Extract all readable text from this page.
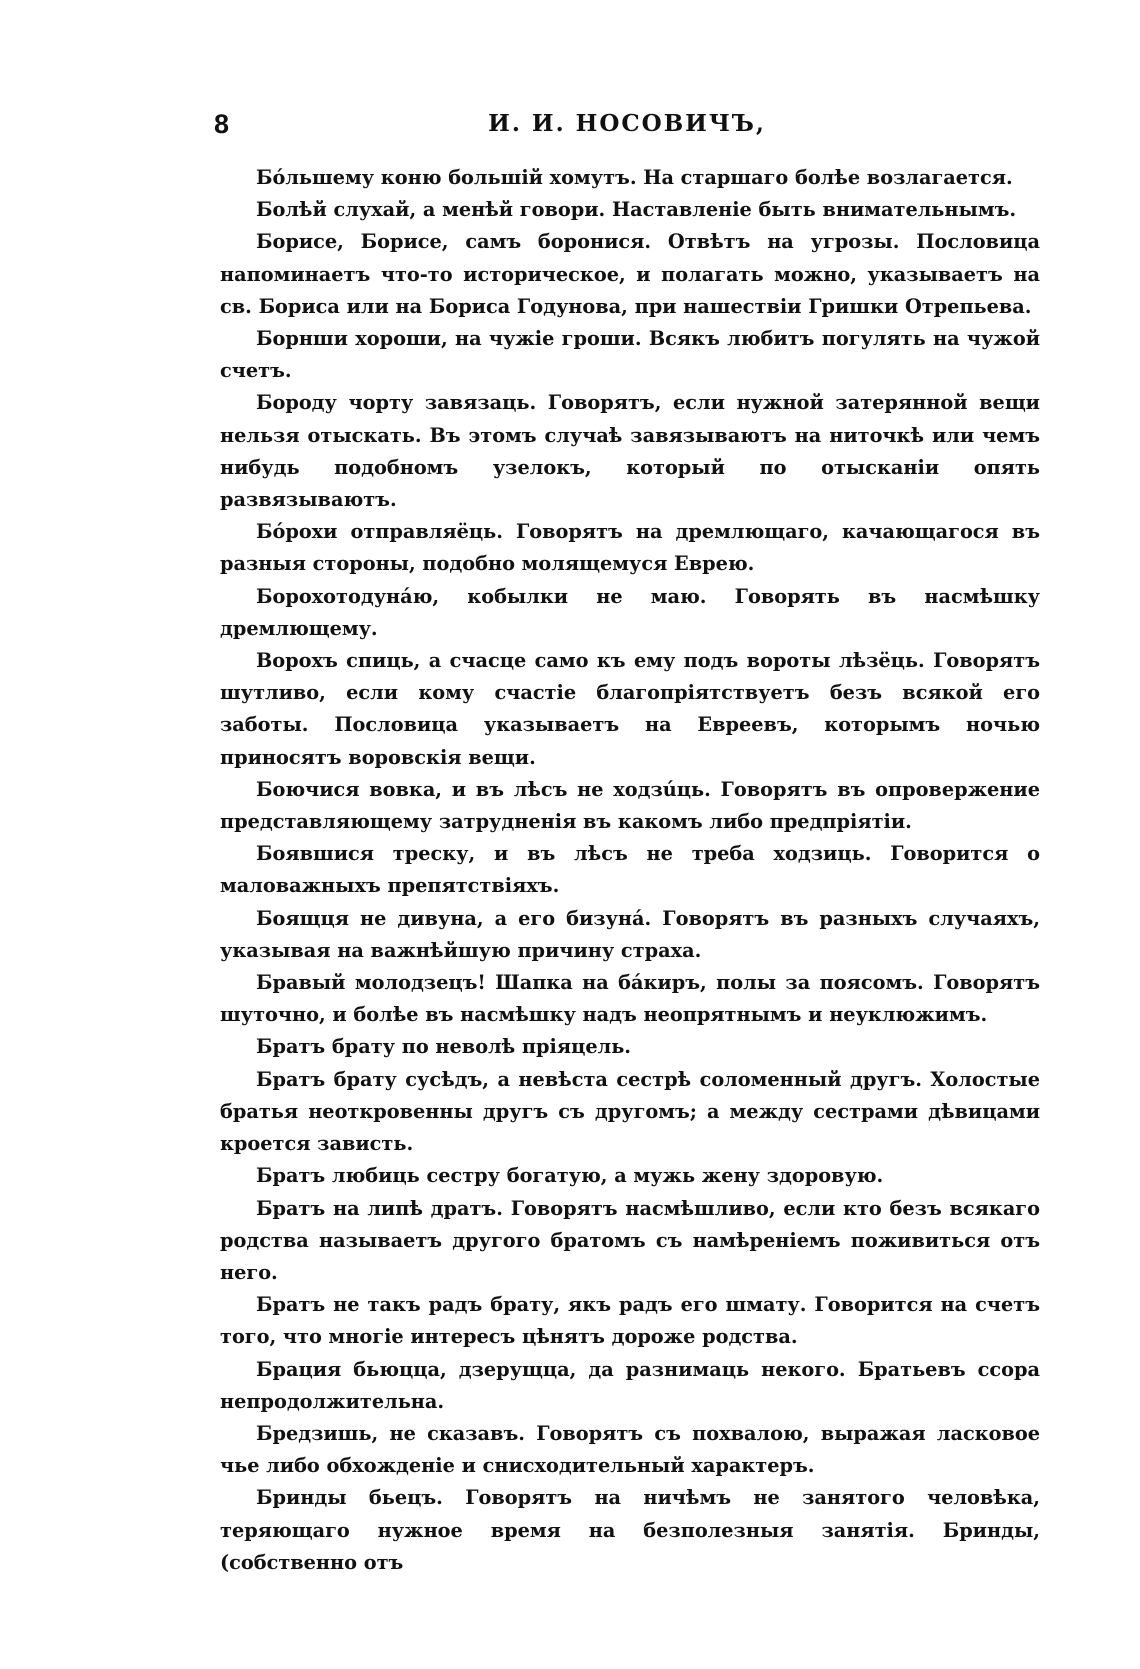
8	И. И. НОСОВИЧЪ,

Бóльшему коню большій хомутъ. На старшаго болѣе возлагается.

Болѣй слухай, а менѣй говори. Наставленіе быть внимательнымъ.

Борисе, Борисе, самъ боронися. Отвѣтъ на угрозы. Пословица напоминаетъ что-то историческое, и полагать можно, указываетъ на св. Бориса или на Бориса Годунова, при нашествіи Гришки Отрепьева.

Борнши хороши, на чужіе гроши. Всякъ любитъ погулять на чужой счетъ.

Бороду чорту завязаць. Говорятъ, если нужной затерянной вещи нельзя отыскать. Въ этомъ случаѣ завязываютъ на ниточкѣ или чемъ нибудь подобномъ узелокъ, который по отысканіи опять развязываютъ.

Бóрохи отправляёць. Говорятъ на дремлющаго, качающагося въ разныя стороны, подобно молящемуся Еврею.

Борохотодунáю, кобылки не маю. Говорять въ насмѣшку дремлющему.

Ворохъ спиць, а счасце само къ ему подъ вороты лѣзёць. Говорятъ шутливо, если кому счастіе благопріятствуетъ безъ всякой его заботы. Пословица указываетъ на Евреевъ, которымъ ночью приносятъ воровскія вещи.

Боючися вовка, и въ лѣсъ не ходзúць. Говорятъ въ опровержение представляющему затрудненія въ какомъ либо предпріятіи.

Боявшися треску, и въ лѣсъ не треба ходзиць. Говорится о маловажныхъ препятствіяхъ.

Боящця не дивуна, а его бизунá. Говорятъ въ разныхъ случаяхъ, указывая на важнѣйшую причину страха.

Бравый молодзецъ! Шапка на бáкиръ, полы за поясомъ. Говорятъ шуточно, и болѣе въ насмѣшку надъ неопрятнымъ и неуклюжимъ.

Братъ брату по неволѣ пріяцель.

Братъ брату сусѣдъ, а невѣста сестрѣ соломенный другъ. Холостые братья неоткровенны другъ съ другомъ; а между сестрами дѣвицами кроется зависть.

Братъ любиць сестру богатую, а мужь жену здоровую.

Братъ на липѣ дратъ. Говорятъ насмѣшливо, если кто безъ всякаго родства называетъ другого братомъ съ намѣреніемъ поживиться отъ него.

Братъ не такъ радъ брату, якъ радъ его шмату. Говорится на счетъ того, что многіе интересъ цѣнятъ дороже родства.

Брация бьюцца, дзерущца, да разнимаць некого. Братьевъ ссора непродолжительна.

Бредзишь, не сказавъ. Говорятъ съ похвалою, выражая ласковое чье либо обхожденіе и снисходительный характеръ.

Бринды бьецъ. Говорятъ на ничѣмъ не занятого человѣка, теряющаго нужное время на безполезныя занятія. Бринды, (собственно отъ
